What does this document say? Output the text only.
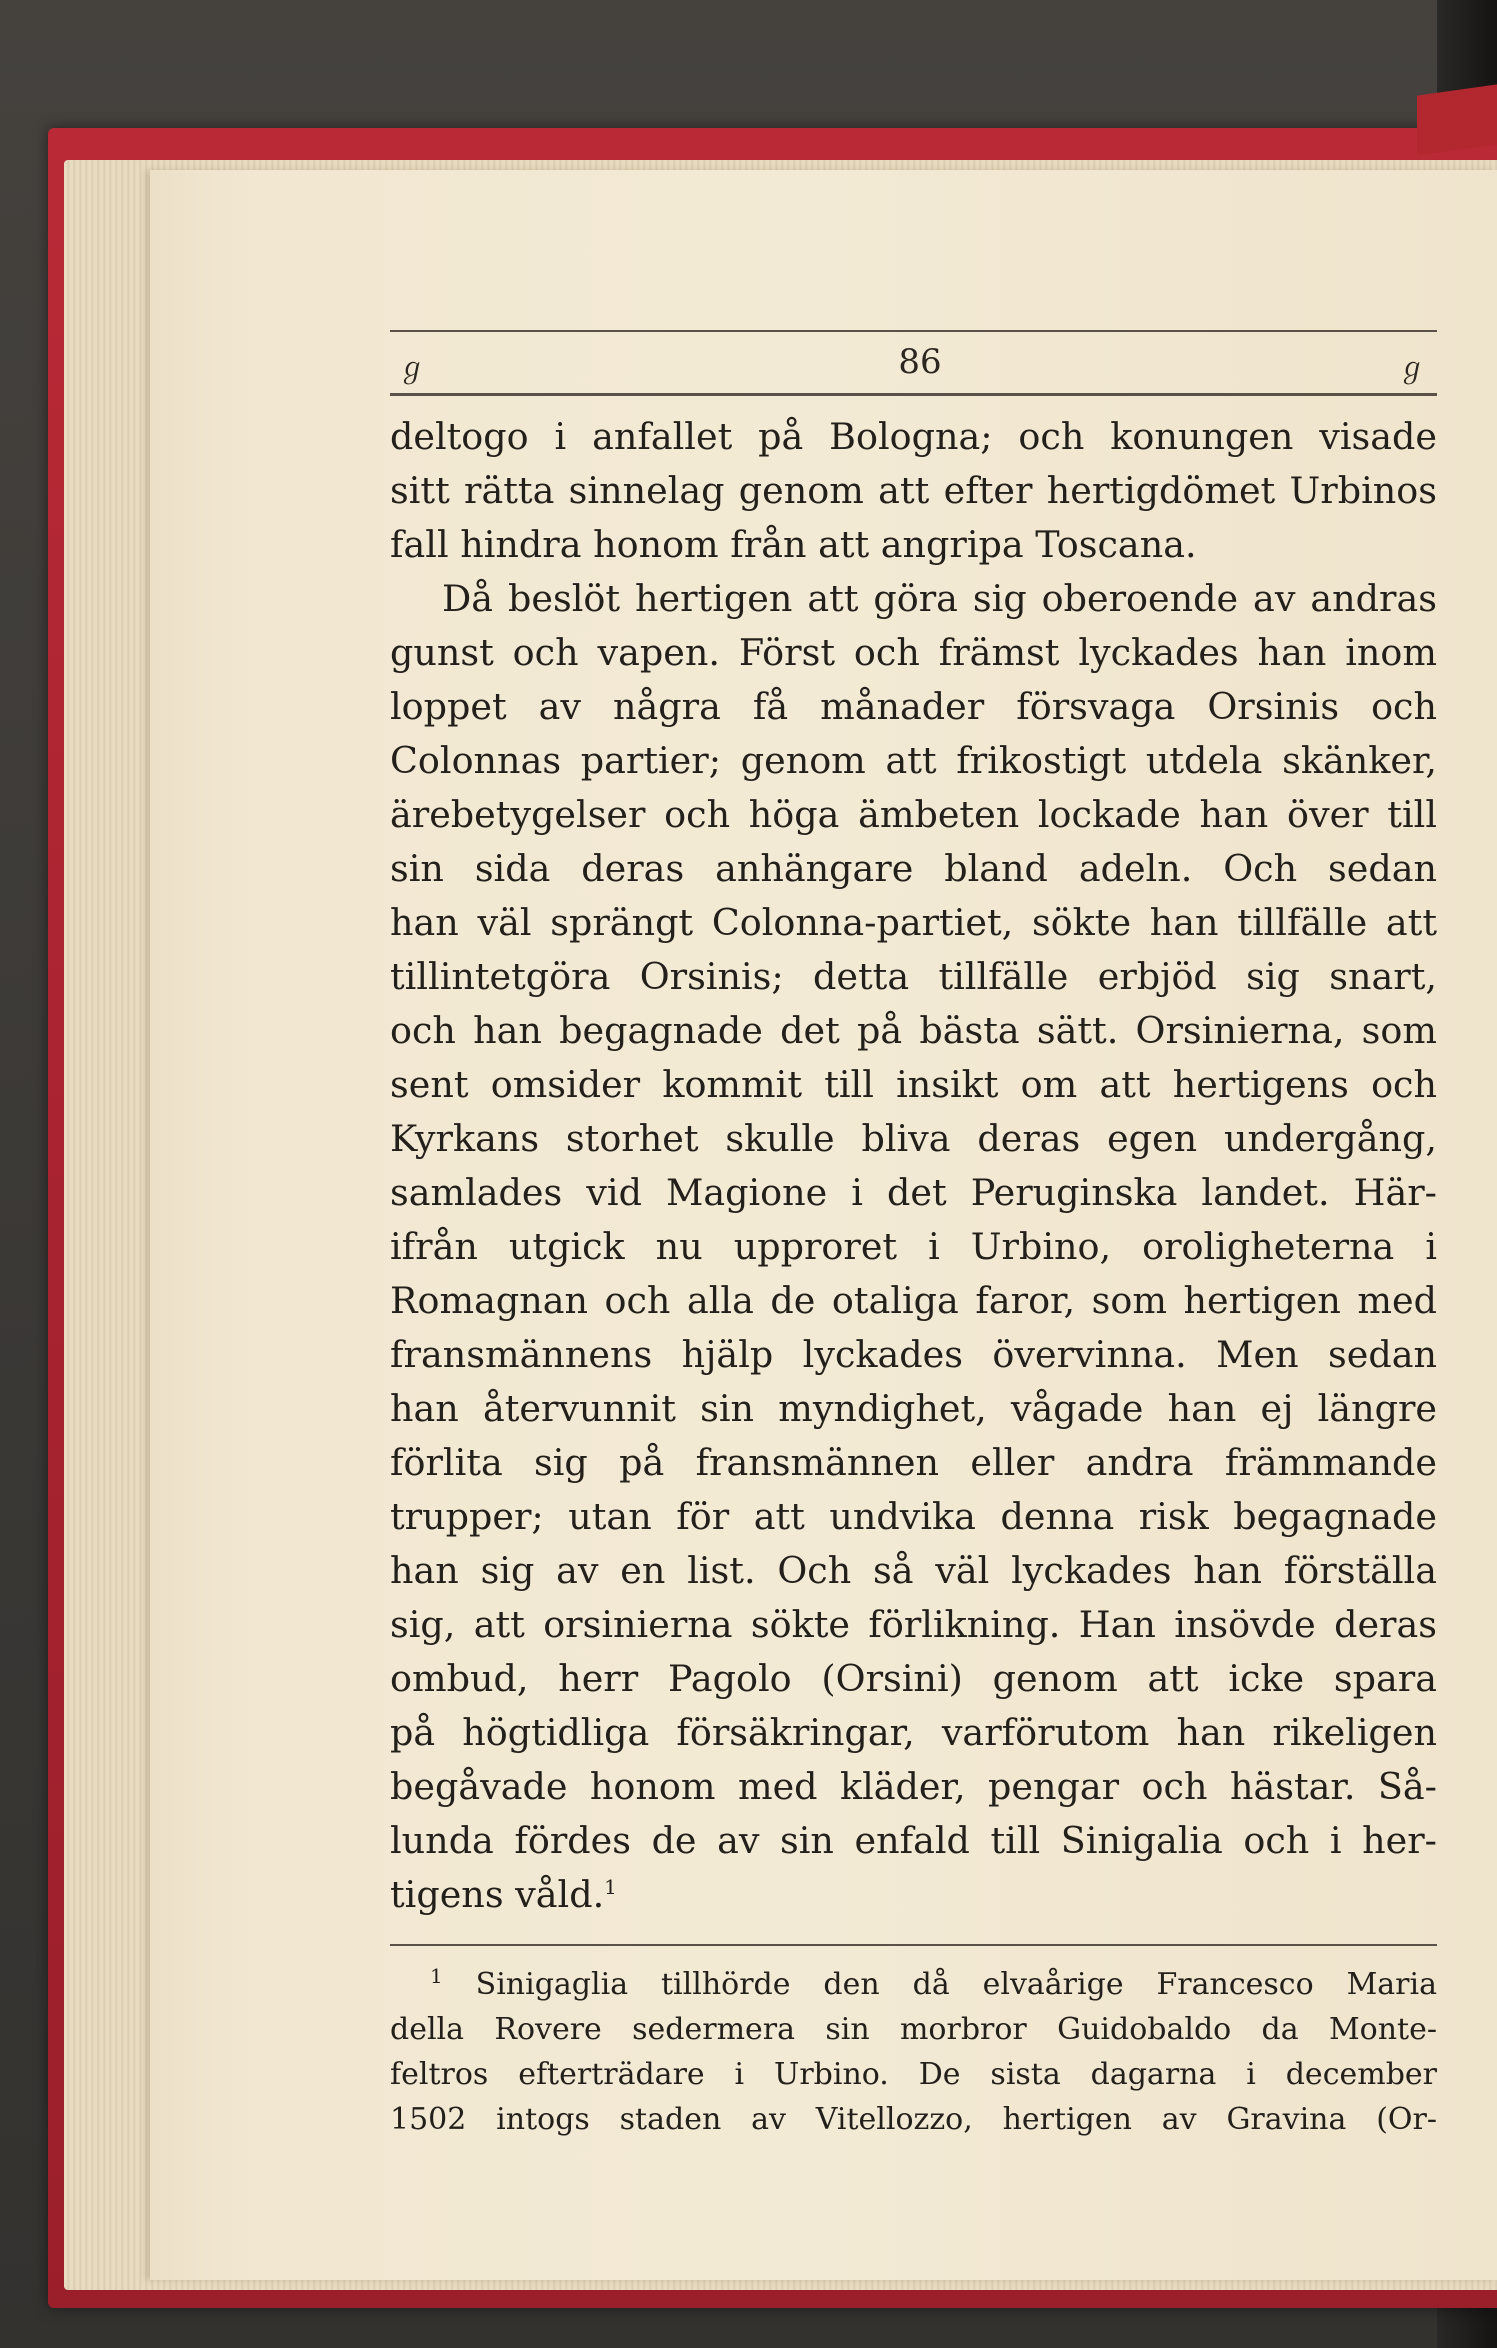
ℊ	ℊ
86
deltogo i anfallet på Bologna; och konungen visade
sitt rätta sinnelag genom att efter hertigdömet Urbinos
fall hindra honom från att angripa Toscana.
Då beslöt hertigen att göra sig oberoende av andras
gunst och vapen. Först och främst lyckades han inom
loppet av några få månader försvaga Orsinis och
Colonnas partier; genom att frikostigt utdela skänker,
ärebetygelser och höga ämbeten lockade han över till
sin sida deras anhängare bland adeln. Och sedan
han väl sprängt Colonna-partiet, sökte han tillfälle att
tillintetgöra Orsinis; detta tillfälle erbjöd sig snart,
och han begagnade det på bästa sätt. Orsinierna, som
sent omsider kommit till insikt om att hertigens och
Kyrkans storhet skulle bliva deras egen undergång,
samlades vid Magione i det Peruginska landet. Här-
ifrån utgick nu upproret i Urbino, oroligheterna i
Romagnan och alla de otaliga faror, som hertigen med
fransmännens hjälp lyckades övervinna. Men sedan
han återvunnit sin myndighet, vågade han ej längre
förlita sig på fransmännen eller andra främmande
trupper; utan för att undvika denna risk begagnade
han sig av en list. Och så väl lyckades han förställa
sig, att orsinierna sökte förlikning. Han insövde deras
ombud, herr Pagolo (Orsini) genom att icke spara
på högtidliga försäkringar, varförutom han rikeligen
begåvade honom med kläder, pengar och hästar. Så-
lunda fördes de av sin enfald till Sinigalia och i her-
tigens våld.$^1$
$^1$ Sinigaglia tillhörde den då elvaårige Francesco Maria
della Rovere sedermera sin morbror Guidobaldo da Monte-
feltros efterträdare i Urbino. De sista dagarna i december
1502 intogs staden av Vitellozzo, hertigen av Gravina (Or-
